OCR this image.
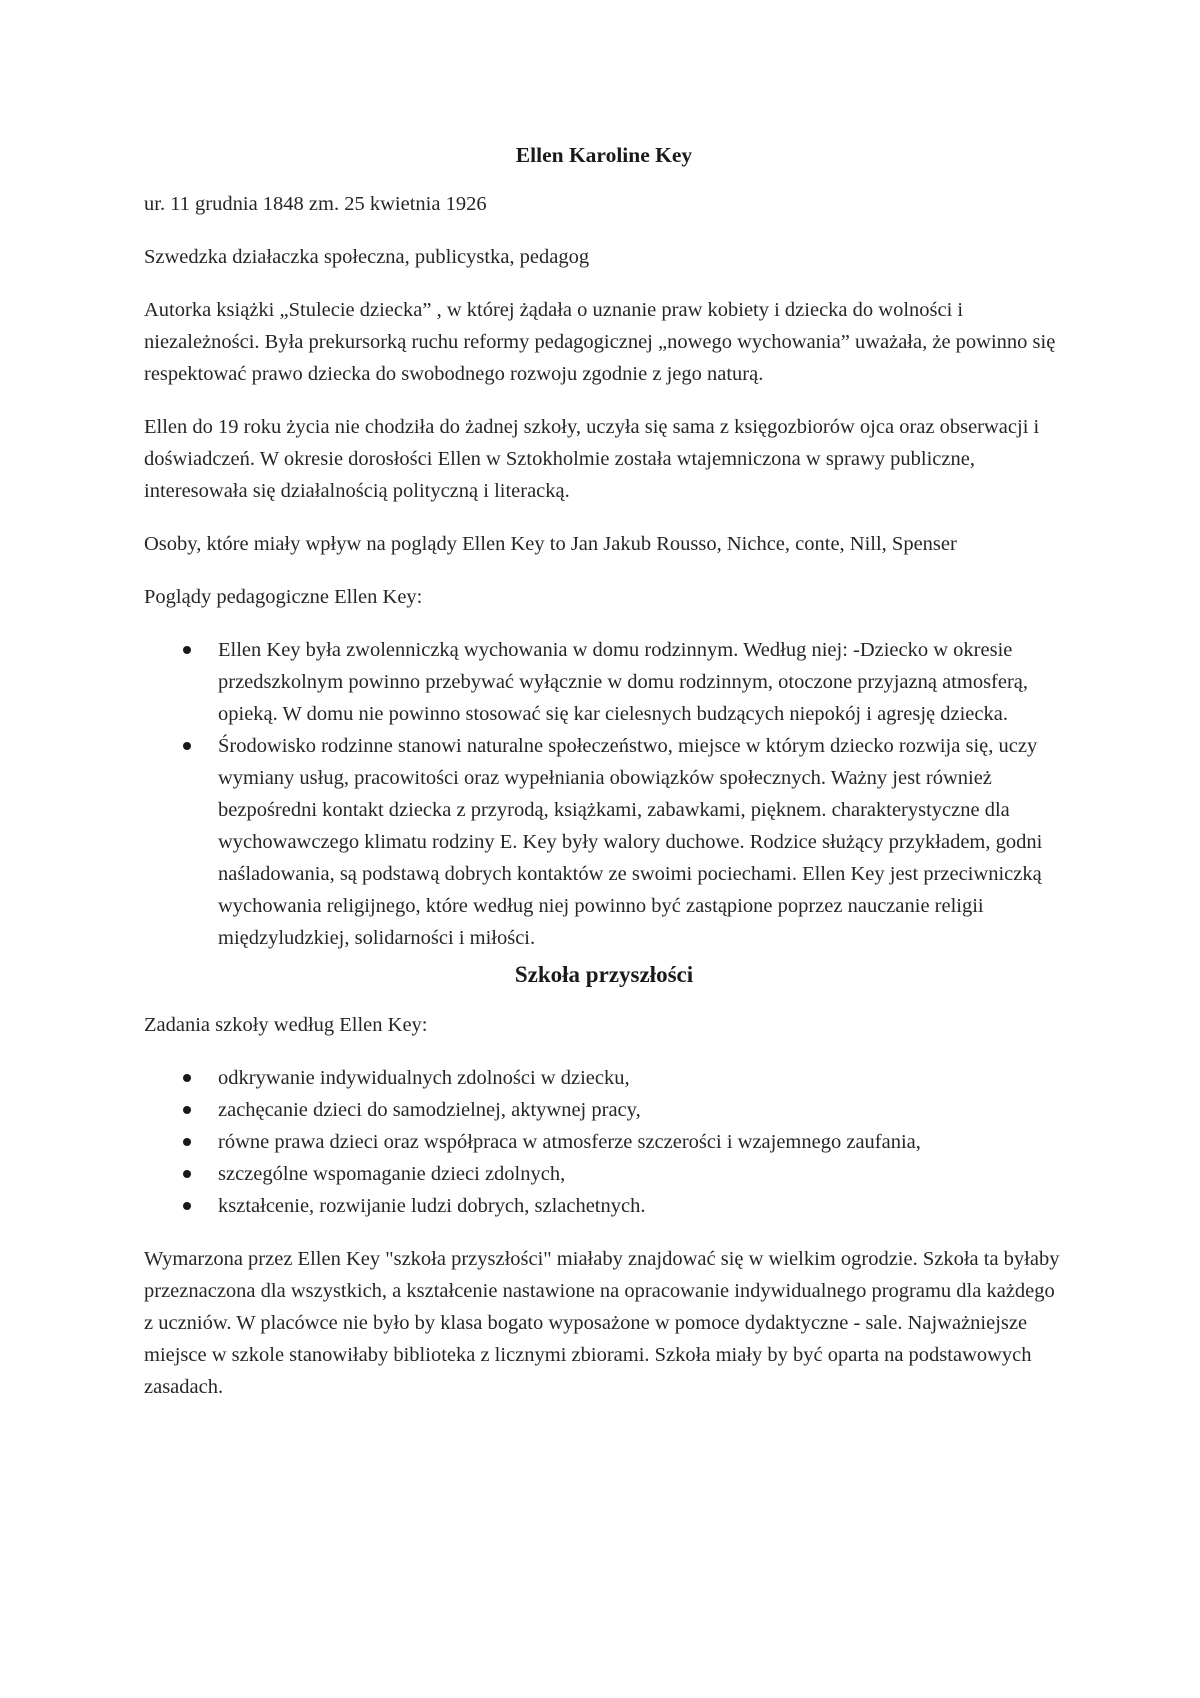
Ellen Karoline Key

ur. 11 grudnia 1848 zm. 25 kwietnia 1926

Szwedzka działaczka społeczna, publicystka, pedagog

Autorka książki „Stulecie dziecka” , w której żądała o uznanie praw kobiety i dziecka do wolności i niezależności. Była prekursorką ruchu reformy pedagogicznej „nowego wychowania” uważała, że powinno się respektować prawo dziecka do swobodnego rozwoju zgodnie z jego naturą.

Ellen do 19 roku życia nie chodziła do żadnej szkoły, uczyła się sama z księgozbiorów ojca oraz obserwacji i doświadczeń. W okresie dorosłości Ellen w Sztokholmie została wtajemniczona w sprawy publiczne, interesowała się działalnością polityczną i literacką.

Osoby, które miały wpływ na poglądy Ellen Key to Jan Jakub Rousso, Nichce, conte, Nill, Spenser

Poglądy pedagogiczne Ellen Key:

Ellen Key była zwolenniczką wychowania w domu rodzinnym. Według niej: -Dziecko w okresie przedszkolnym powinno przebywać wyłącznie w domu rodzinnym, otoczone przyjazną atmosferą, opieką. W domu nie powinno stosować się kar cielesnych budzących niepokój i agresję dziecka.
Środowisko rodzinne stanowi naturalne społeczeństwo, miejsce w którym dziecko rozwija się, uczy wymiany usług, pracowitości oraz wypełniania obowiązków społecznych. Ważny jest również bezpośredni kontakt dziecka z przyrodą, książkami, zabawkami, pięknem. charakterystyczne dla wychowawczego klimatu rodziny E. Key były walory duchowe. Rodzice służący przykładem, godni naśladowania, są podstawą dobrych kontaktów ze swoimi pociechami. Ellen Key jest przeciwniczką wychowania religijnego, które według niej powinno być zastąpione poprzez nauczanie religii międzyludzkiej, solidarności i miłości.
Szkoła przyszłości

Zadania szkoły według Ellen Key:

odkrywanie indywidualnych zdolności w dziecku,
zachęcanie dzieci do samodzielnej, aktywnej pracy,
równe prawa dzieci oraz współpraca w atmosferze szczerości i wzajemnego zaufania,
szczególne wspomaganie dzieci zdolnych,
kształcenie, rozwijanie ludzi dobrych, szlachetnych.

Wymarzona przez Ellen Key "szkoła przyszłości" miałaby znajdować się w wielkim ogrodzie. Szkoła ta byłaby przeznaczona dla wszystkich, a kształcenie nastawione na opracowanie indywidualnego programu dla każdego z uczniów. W placówce nie było by klasa bogato wyposażone w pomoce dydaktyczne - sale. Najważniejsze miejsce w szkole stanowiłaby biblioteka z licznymi zbiorami. Szkoła miały by być oparta na podstawowych zasadach.
